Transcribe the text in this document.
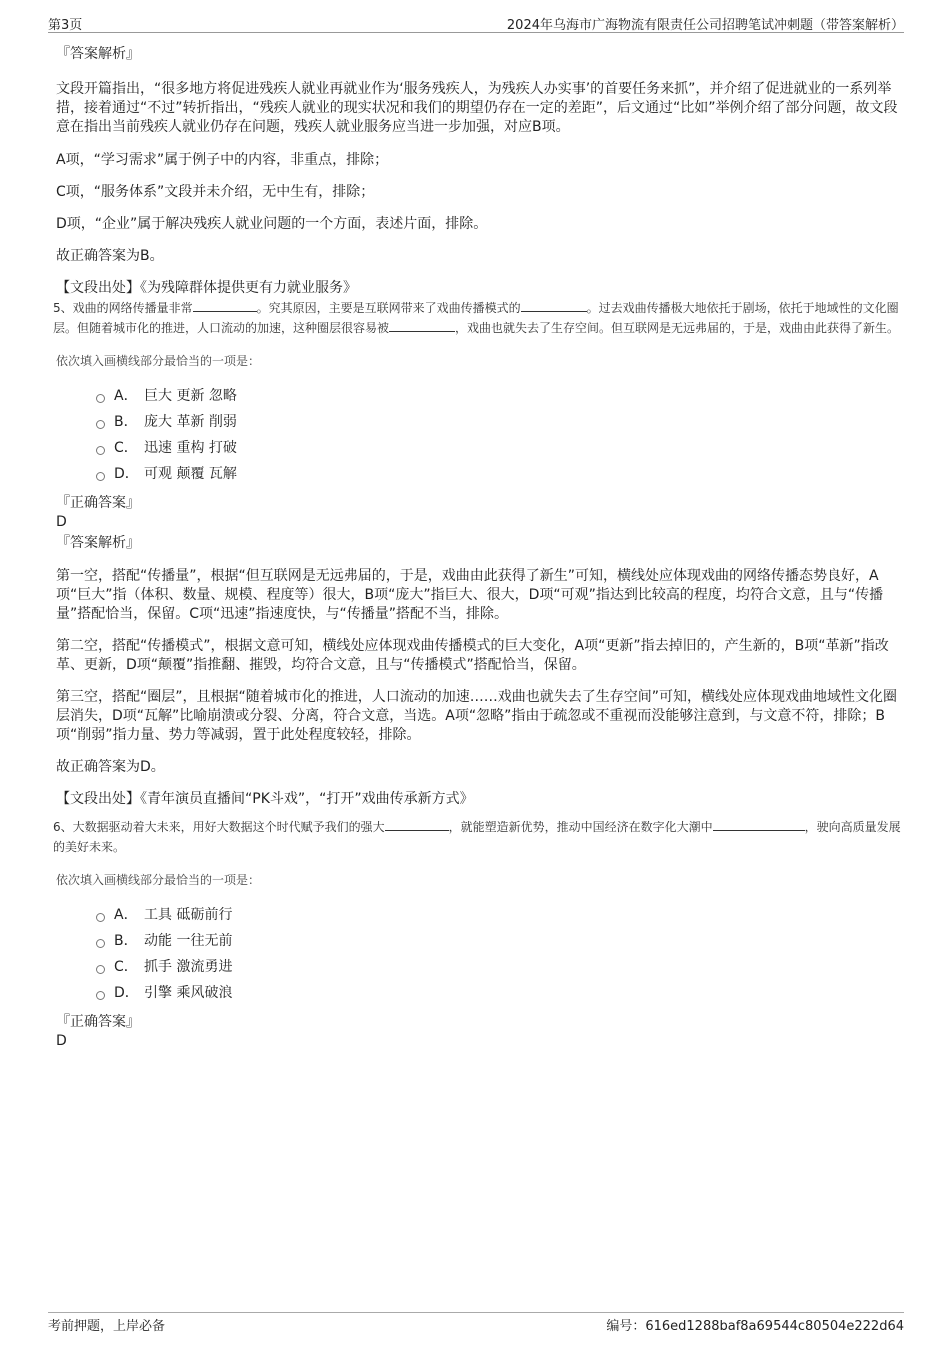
第3页	2024年乌海市广海物流有限责任公司招聘笔试冲刺题（带答案解析）

『答案解析』

文段开篇指出，“很多地方将促进残疾人就业再就业作为‘服务残疾人，为残疾人办实事’的首要任务来抓”，并介绍了促进就业的一系列举措，接着通过“不过”转折指出，“残疾人就业的现实状况和我们的期望仍存在一定的差距”，后文通过“比如”举例介绍了部分问题，故文段意在指出当前残疾人就业仍存在问题，残疾人就业服务应当进一步加强，对应B项。

A项，“学习需求”属于例子中的内容，非重点，排除；

C项，“服务体系”文段并未介绍，无中生有，排除；

D项，“企业”属于解决残疾人就业问题的一个方面，表述片面，排除。

故正确答案为B。

【文段出处】《为残障群体提供更有力就业服务》

5、戏曲的网络传播量非常	。究其原因，主要是互联网带来了戏曲传播模式的	。过去戏曲传播极大地依托于剧场，依托于地域性的文化圈层。但随着城市化的推进，人口流动的加速，这种圈层很容易被	，戏曲也就失去了生存空间。但互联网是无远弗届的，于是，戏曲由此获得了新生。

依次填入画横线部分最恰当的一项是：

A． 巨大 更新 忽略
B． 庞大 革新 削弱
C． 迅速 重构 打破
D． 可观 颠覆 瓦解

『正确答案』

D

『答案解析』

第一空，搭配“传播量”，根据“但互联网是无远弗届的，于是，戏曲由此获得了新生”可知，横线处应体现戏曲的网络传播态势良好，A项“巨大”指（体积、数量、规模、程度等）很大，B项“庞大”指巨大、很大，D项“可观”指达到比较高的程度，均符合文意，且与“传播量”搭配恰当，保留。C项“迅速”指速度快，与“传播量”搭配不当，排除。

第二空，搭配“传播模式”，根据文意可知，横线处应体现戏曲传播模式的巨大变化，A项“更新”指去掉旧的，产生新的，B项“革新”指改革、更新，D项“颠覆”指推翻、摧毁，均符合文意，且与“传播模式”搭配恰当，保留。

第三空，搭配“圈层”，且根据“随着城市化的推进，人口流动的加速……戏曲也就失去了生存空间”可知，横线处应体现戏曲地域性文化圈层消失，D项“瓦解”比喻崩溃或分裂、分离，符合文意，当选。A项“忽略”指由于疏忽或不重视而没能够注意到，与文意不符，排除；B项“削弱”指力量、势力等减弱，置于此处程度较轻，排除。

故正确答案为D。

【文段出处】《青年演员直播间“PK斗戏”，“打开”戏曲传承新方式》

6、大数据驱动着大未来，用好大数据这个时代赋予我们的强大	，就能塑造新优势，推动中国经济在数字化大潮中	，驶向高质量发展的美好未来。

依次填入画横线部分最恰当的一项是：

A． 工具 砥砺前行
B． 动能 一往无前
C． 抓手 激流勇进
D． 引擎 乘风破浪

『正确答案』

D

考前押题，上岸必备	编号：616ed1288baf8a69544c80504e222d64
